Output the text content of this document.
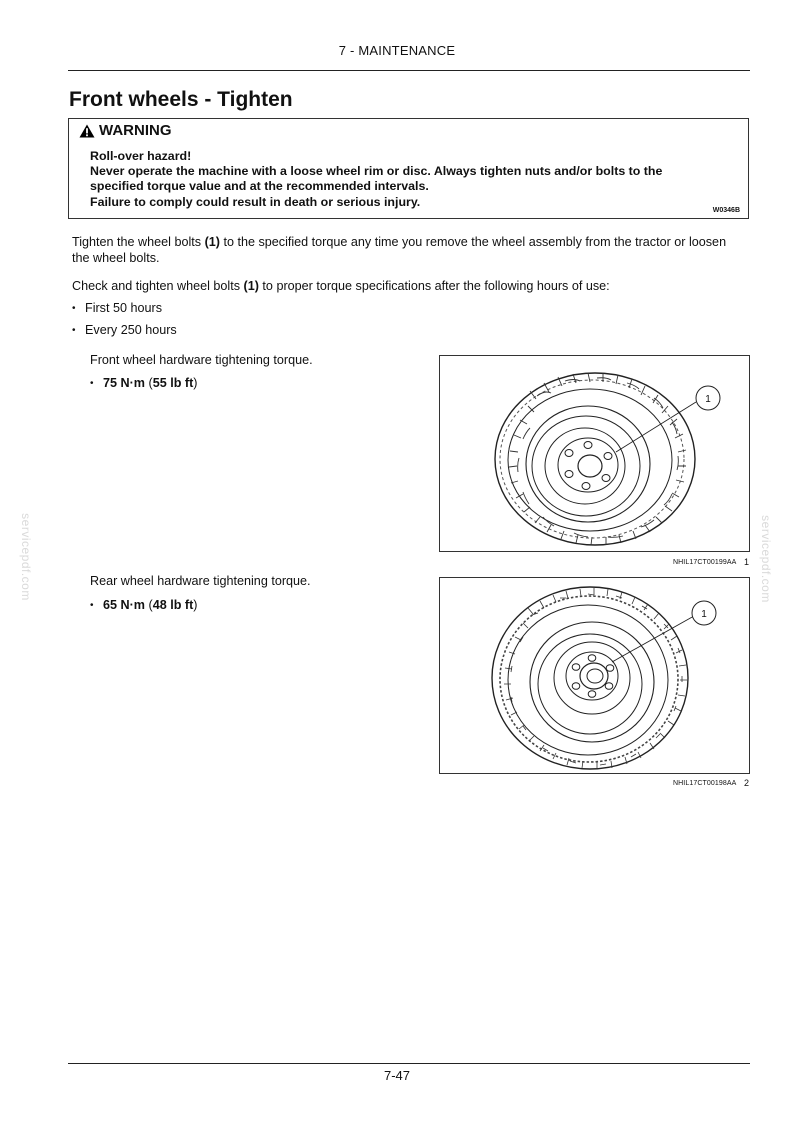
7 - MAINTENANCE
Front wheels - Tighten
WARNING
Roll-over hazard!
Never operate the machine with a loose wheel rim or disc. Always tighten nuts and/or bolts to the
specified torque value and at the recommended intervals.
Failure to comply could result in death or serious injury.
W0346B
Tighten the wheel bolts (1) to the specified torque any time you remove the wheel assembly from the tractor or loosen the wheel bolts.
Check and tighten wheel bolts (1) to proper torque specifications after the following hours of use:
• First 50 hours
• Every 250 hours
Front wheel hardware tightening torque.
• 75 N·m (55 lb ft)
1
NHIL17CT00199AA 1
Rear wheel hardware tightening torque.
• 65 N·m (48 lb ft)
1
NHIL17CT00198AA 2
servicepdf.com	servicepdf.com
7-47
